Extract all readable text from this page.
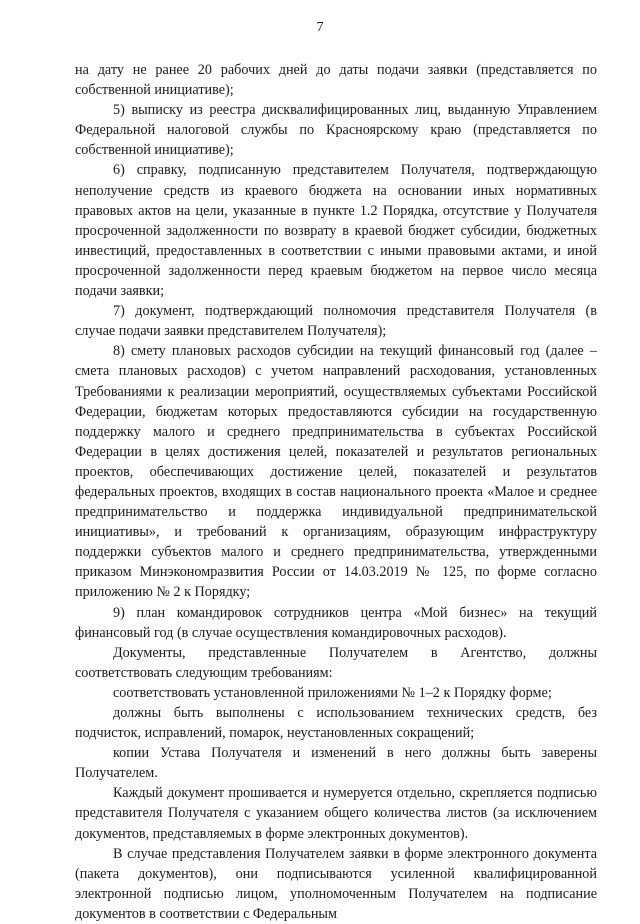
7

на дату не ранее 20 рабочих дней до даты подачи заявки (представляется по собственной инициативе);

5) выписку из реестра дисквалифицированных лиц, выданную Управлением Федеральной налоговой службы по Красноярскому краю (представляется по собственной инициативе);

6) справку, подписанную представителем Получателя, подтверждающую неполучение средств из краевого бюджета на основании иных нормативных правовых актов на цели, указанные в пункте 1.2 Порядка, отсутствие у Получателя просроченной задолженности по возврату в краевой бюджет субсидии, бюджетных инвестиций, предоставленных в соответствии с иными правовыми актами, и иной просроченной задолженности перед краевым бюджетом на первое число месяца подачи заявки;

7) документ, подтверждающий полномочия представителя Получателя (в случае подачи заявки представителем Получателя);

8) смету плановых расходов субсидии на текущий финансовый год (далее – смета плановых расходов) с учетом направлений расходования, установленных Требованиями к реализации мероприятий, осуществляемых субъектами Российской Федерации, бюджетам которых предоставляются субсидии на государственную поддержку малого и среднего предпринимательства в субъектах Российской Федерации в целях достижения целей, показателей и результатов региональных проектов, обеспечивающих достижение целей, показателей и результатов федеральных проектов, входящих в состав национального проекта «Малое и среднее предпринимательство и поддержка индивидуальной предпринимательской инициативы», и требований к организациям, образующим инфраструктуру поддержки субъектов малого и среднего предпринимательства, утвержденными приказом Минэкономразвития России от 14.03.2019 № 125, по форме согласно приложению № 2 к Порядку;

9) план командировок сотрудников центра «Мой бизнес» на текущий финансовый год (в случае осуществления командировочных расходов).

Документы, представленные Получателем в Агентство, должны соответствовать следующим требованиям:

соответствовать установленной приложениями № 1–2 к Порядку форме;

должны быть выполнены с использованием технических средств, без подчисток, исправлений, помарок, неустановленных сокращений;

копии Устава Получателя и изменений в него должны быть заверены Получателем.

Каждый документ прошивается и нумеруется отдельно, скрепляется подписью представителя Получателя с указанием общего количества листов (за исключением документов, представляемых в форме электронных документов).

В случае представления Получателем заявки в форме электронного документа (пакета документов), они подписываются усиленной квалифицированной электронной подписью лицом, уполномоченным Получателем на подписание документов в соответствии с Федеральным
